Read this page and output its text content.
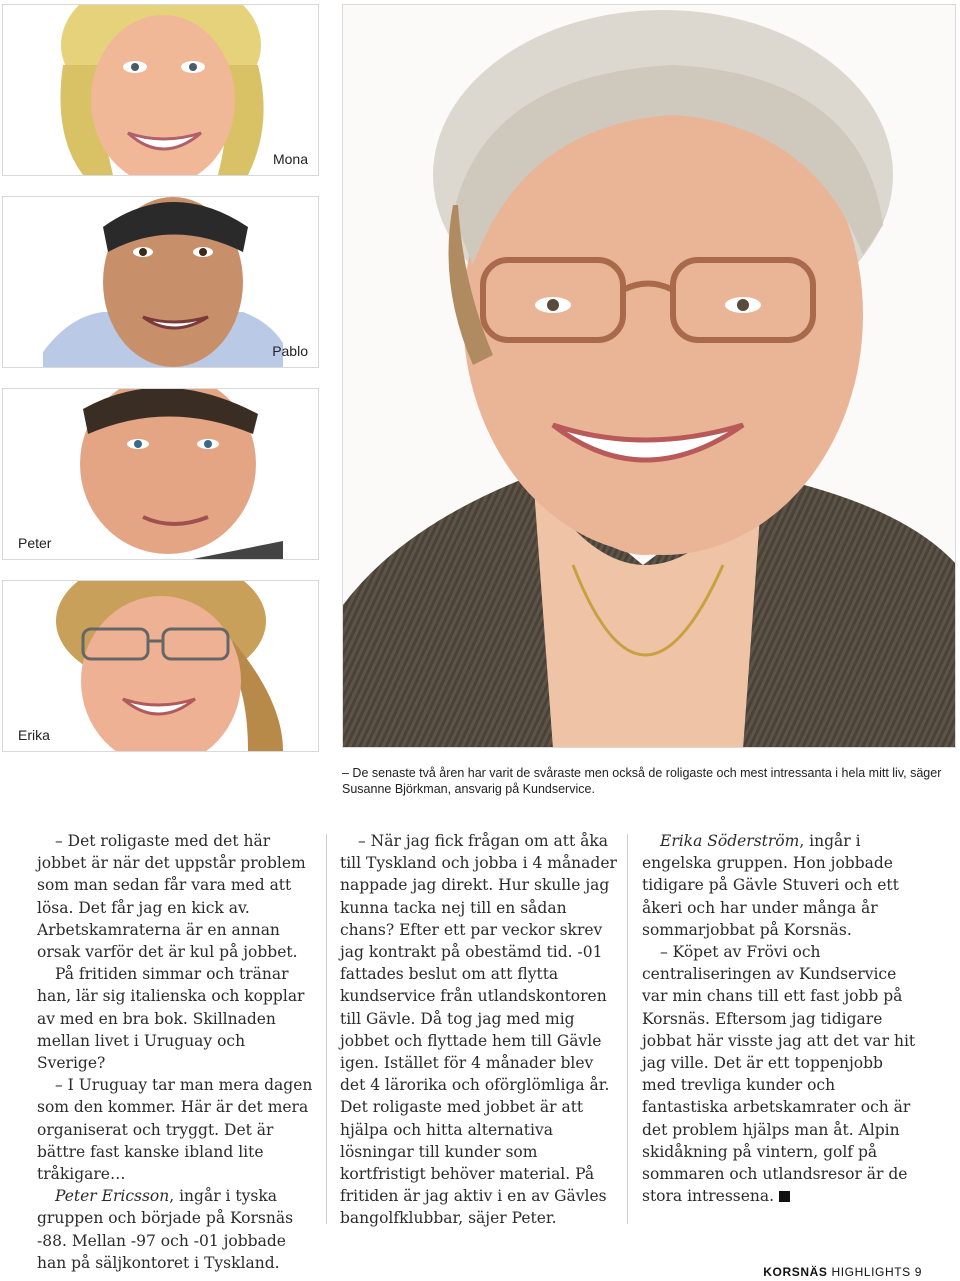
Mona
Pablo
Peter
Erika
– De senaste två åren har varit de svåraste men också de roligaste och mest intressanta i hela mitt liv, säger Susanne Björkman, ansvarig på Kundservice.

– Det roligaste med det här jobbet är när det uppstår problem som man sedan får vara med att lösa. Det får jag en kick av. Arbetskamraterna är en annan orsak varför det är kul på jobbet.

På fritiden simmar och tränar han, lär sig italienska och kopplar av med en bra bok. Skillnaden mellan livet i Uruguay och Sverige?

– I Uruguay tar man mera dagen som den kommer. Här är det mera organiserat och tryggt. Det är bättre fast kanske ibland lite tråkigare…

Peter Ericsson, ingår i tyska gruppen och började på Korsnäs -88. Mellan -97 och -01 jobbade han på säljkontoret i Tyskland.

– När jag fick frågan om att åka till Tyskland och jobba i 4 månader nappade jag direkt. Hur skulle jag kunna tacka nej till en sådan chans? Efter ett par veckor skrev jag kontrakt på obestämd tid. -01 fattades beslut om att flytta kundservice från utlandskontoren till Gävle. Då tog jag med mig jobbet och flyttade hem till Gävle igen. Istället för 4 månader blev det 4 lärorika och oförglömliga år. Det roligaste med jobbet är att hjälpa och hitta alternativa lösningar till kunder som kortfristigt behöver material. På fritiden är jag aktiv i en av Gävles bangolfklubbar, säjer Peter.

Erika Söderström, ingår i engelska gruppen. Hon jobbade tidigare på Gävle Stuveri och ett åkeri och har under många år sommarjobbat på Korsnäs.

– Köpet av Frövi och centraliseringen av Kundservice var min chans till ett fast jobb på Korsnäs. Eftersom jag tidigare jobbat här visste jag att det var hit jag ville. Det är ett toppenjobb med trevliga kunder och fantastiska arbetskamrater och är det problem hjälps man åt. Alpin skidåkning på vintern, golf på sommaren och utlandsresor är de stora intressena.

KORSNÄS HIGHLIGHTS 9
